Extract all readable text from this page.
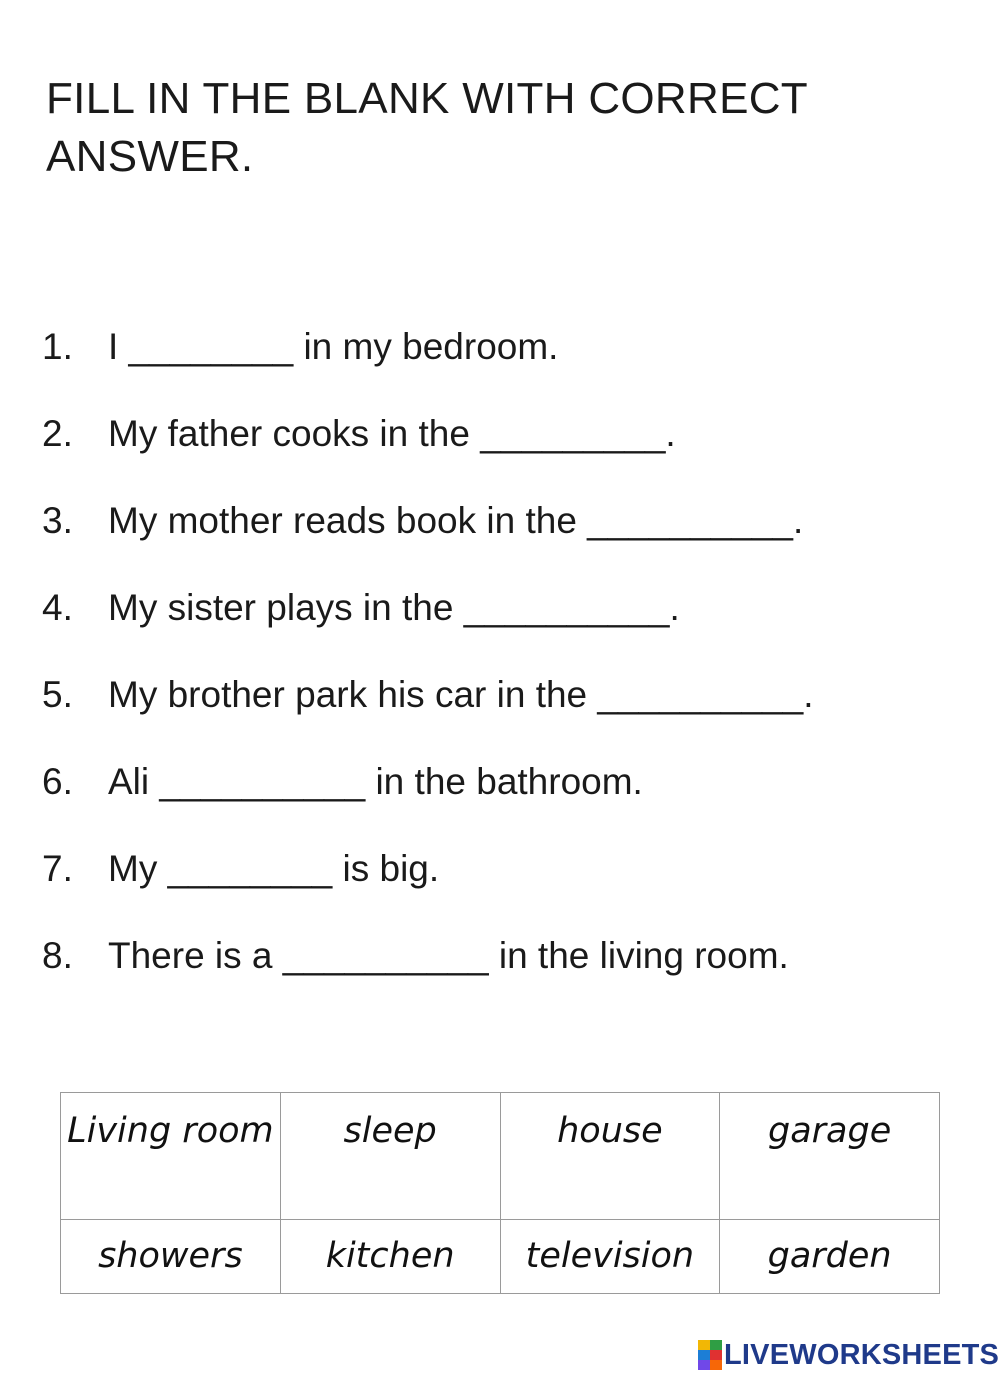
FILL IN THE BLANK WITH CORRECT ANSWER.
1. I ________ in my bedroom.
2. My father cooks in the _________.
3. My mother reads book in the __________.
4. My sister plays in the __________.
5. My brother park his car in the __________.
6. Ali __________ in the bathroom.
7. My ________ is big.
8. There is a __________ in the living room.
Living room	sleep	house	garage
showers	kitchen	television	garden
LIVEWORKSHEETS
